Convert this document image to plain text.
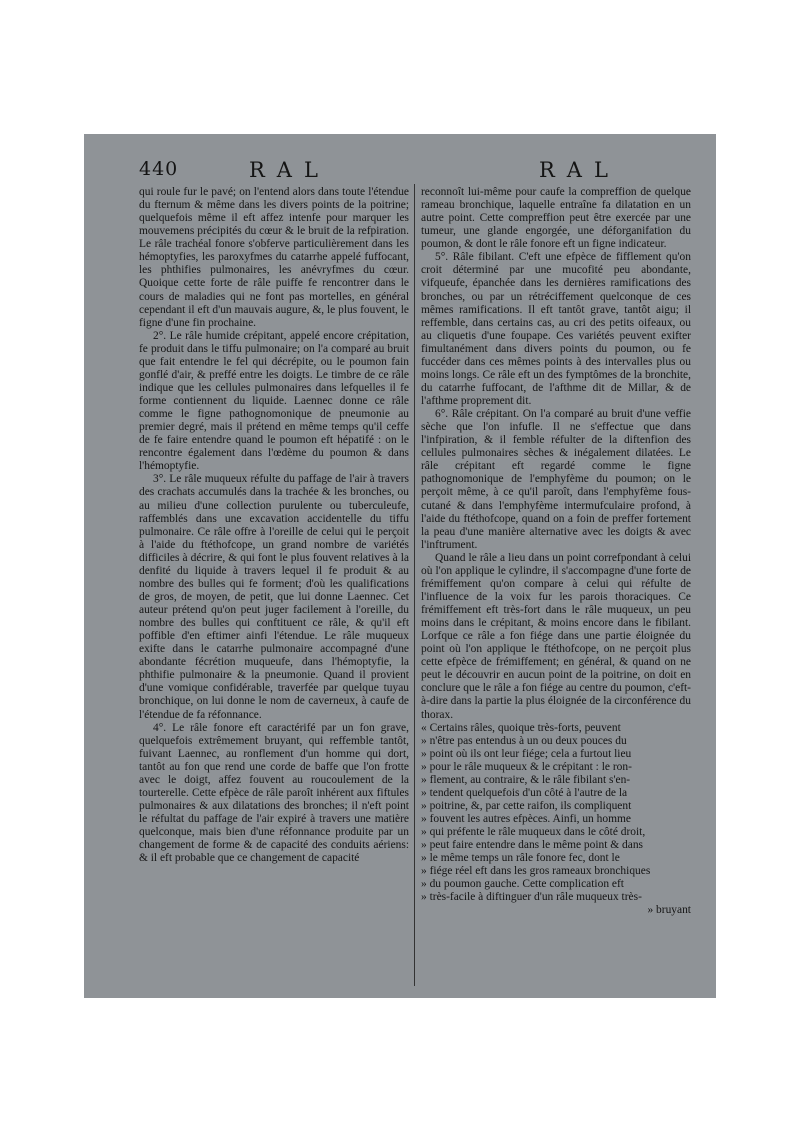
440	RAL	RAL

qui roule fur le pavé; on l'entend alors dans toute l'étendue du fternum & même dans les divers points de la poitrine; quelquefois même il eft affez intenfe pour marquer les mouvemens précipités du cœur & le bruit de la refpiration. Le râle trachéal fonore s'obferve particulièrement dans les hémoptyfies, les paroxyfmes du catarrhe appelé fuffocant, les phthifies pulmonaires, les anévryfmes du cœur. Quoique cette forte de râle puiffe fe rencontrer dans le cours de maladies qui ne font pas mortelles, en général cependant il eft d'un mauvais augure, &, le plus fouvent, le figne d'une fin prochaine.

2°. Le râle humide crépitant, appelé encore crépitation, fe produit dans le tiffu pulmonaire; on l'a comparé au bruit que fait entendre le fel qui décrépite, ou le poumon fain gonflé d'air, & preffé entre les doigts. Le timbre de ce râle indique que les cellules pulmonaires dans lefquelles il fe forme contiennent du liquide. Laennec donne ce râle comme le figne pathognomonique de pneumonie au premier degré, mais il prétend en même temps qu'il ceffe de fe faire entendre quand le poumon eft hépatifé : on le rencontre également dans l'œdème du poumon & dans l'hémoptyfie.

3°. Le râle muqueux réfulte du paffage de l'air à travers des crachats accumulés dans la trachée & les bronches, ou au milieu d'une collection purulente ou tuberculeufe, raffemblés dans une excavation accidentelle du tiffu pulmonaire. Ce râle offre à l'oreille de celui qui le perçoit à l'aide du ftéthofcope, un grand nombre de variétés difficiles à décrire, & qui font le plus fouvent relatives à la denfité du liquide à travers lequel il fe produit & au nombre des bulles qui fe forment; d'où les qualifications de gros, de moyen, de petit, que lui donne Laennec. Cet auteur prétend qu'on peut juger facilement à l'oreille, du nombre des bulles qui conftituent ce râle, & qu'il eft poffible d'en eftimer ainfi l'étendue. Le râle muqueux exifte dans le catarrhe pulmonaire accompagné d'une abondante fécrétion muqueufe, dans l'hémoptyfie, la phthifie pulmonaire & la pneumonie. Quand il provient d'une vomique confidérable, traverfée par quelque tuyau bronchique, on lui donne le nom de caverneux, à caufe de l'étendue de fa réfonnance.

4°. Le râle fonore eft caractérifé par un fon grave, quelquefois extrêmement bruyant, qui reffemble tantôt, fuivant Laennec, au ronflement d'un homme qui dort, tantôt au fon que rend une corde de baffe que l'on frotte avec le doigt, affez fouvent au roucoulement de la tourterelle. Cette efpèce de râle paroît inhérent aux fiftules pulmonaires & aux dilatations des bronches; il n'eft point le réfultat du paffage de l'air expiré à travers une matière quelconque, mais bien d'une réfonnance produite par un changement de forme & de capacité des conduits aériens: & il eft probable que ce changement de capacité

reconnoît lui-même pour caufe la compreffion de quelque rameau bronchique, laquelle entraîne fa dilatation en un autre point. Cette compreffion peut être exercée par une tumeur, une glande engorgée, une déforganifation du poumon, & dont le râle fonore eft un figne indicateur.

5°. Râle fibilant. C'eft une efpèce de fifflement qu'on croit déterminé par une mucofité peu abondante, vifqueufe, épanchée dans les dernières ramifications des bronches, ou par un rétréciffement quelconque de ces mêmes ramifications. Il eft tantôt grave, tantôt aigu; il reffemble, dans certains cas, au cri des petits oifeaux, ou au cliquetis d'une foupape. Ces variétés peuvent exifter fimultanément dans divers points du poumon, ou fe fuccéder dans ces mêmes points à des intervalles plus ou moins longs. Ce râle eft un des fymptômes de la bronchite, du catarrhe fuffocant, de l'afthme dit de Millar, & de l'afthme proprement dit.

6°. Râle crépitant. On l'a comparé au bruit d'une veffie sèche que l'on infufle. Il ne s'effectue que dans l'infpiration, & il femble réfulter de la diftenfion des cellules pulmonaires sèches & inégalement dilatées. Le râle crépitant eft regardé comme le figne pathognomonique de l'emphyfème du poumon; on le perçoit même, à ce qu'il paroît, dans l'emphyfème fous-cutané & dans l'emphyfème intermufculaire profond, à l'aide du ftéthofcope, quand on a foin de preffer fortement la peau d'une manière alternative avec les doigts & avec l'inftrument.

Quand le râle a lieu dans un point correfpondant à celui où l'on applique le cylindre, il s'accompagne d'une forte de frémiffement qu'on compare à celui qui réfulte de l'influence de la voix fur les parois thoraciques. Ce frémiffement eft très-fort dans le râle muqueux, un peu moins dans le crépitant, & moins encore dans le fibilant. Lorfque ce râle a fon fiége dans une partie éloignée du point où l'on applique le ftéthofcope, on ne perçoit plus cette efpèce de frémiffement; en général, & quand on ne peut le découvrir en aucun point de la poitrine, on doit en conclure que le râle a fon fiége au centre du poumon, c'eft-à-dire dans la partie la plus éloignée de la circonférence du thorax.

« Certains râles, quoique très-forts, peuvent

» n'être pas entendus à un ou deux pouces du

» point où ils ont leur fiége; cela a furtout lieu

» pour le râle muqueux & le crépitant : le ron-

» flement, au contraire, & le râle fibilant s'en-

» tendent quelquefois d'un côté à l'autre de la

» poitrine, &, par cette raifon, ils compliquent

» fouvent les autres efpèces. Ainfi, un homme

» qui préfente le râle muqueux dans le côté droit,

» peut faire entendre dans le même point & dans

» le même temps un râle fonore fec, dont le

» fiége réel eft dans les gros rameaux bronchiques

» du poumon gauche. Cette complication eft

» très-facile à diftinguer d'un râle muqueux très-

» bruyant
